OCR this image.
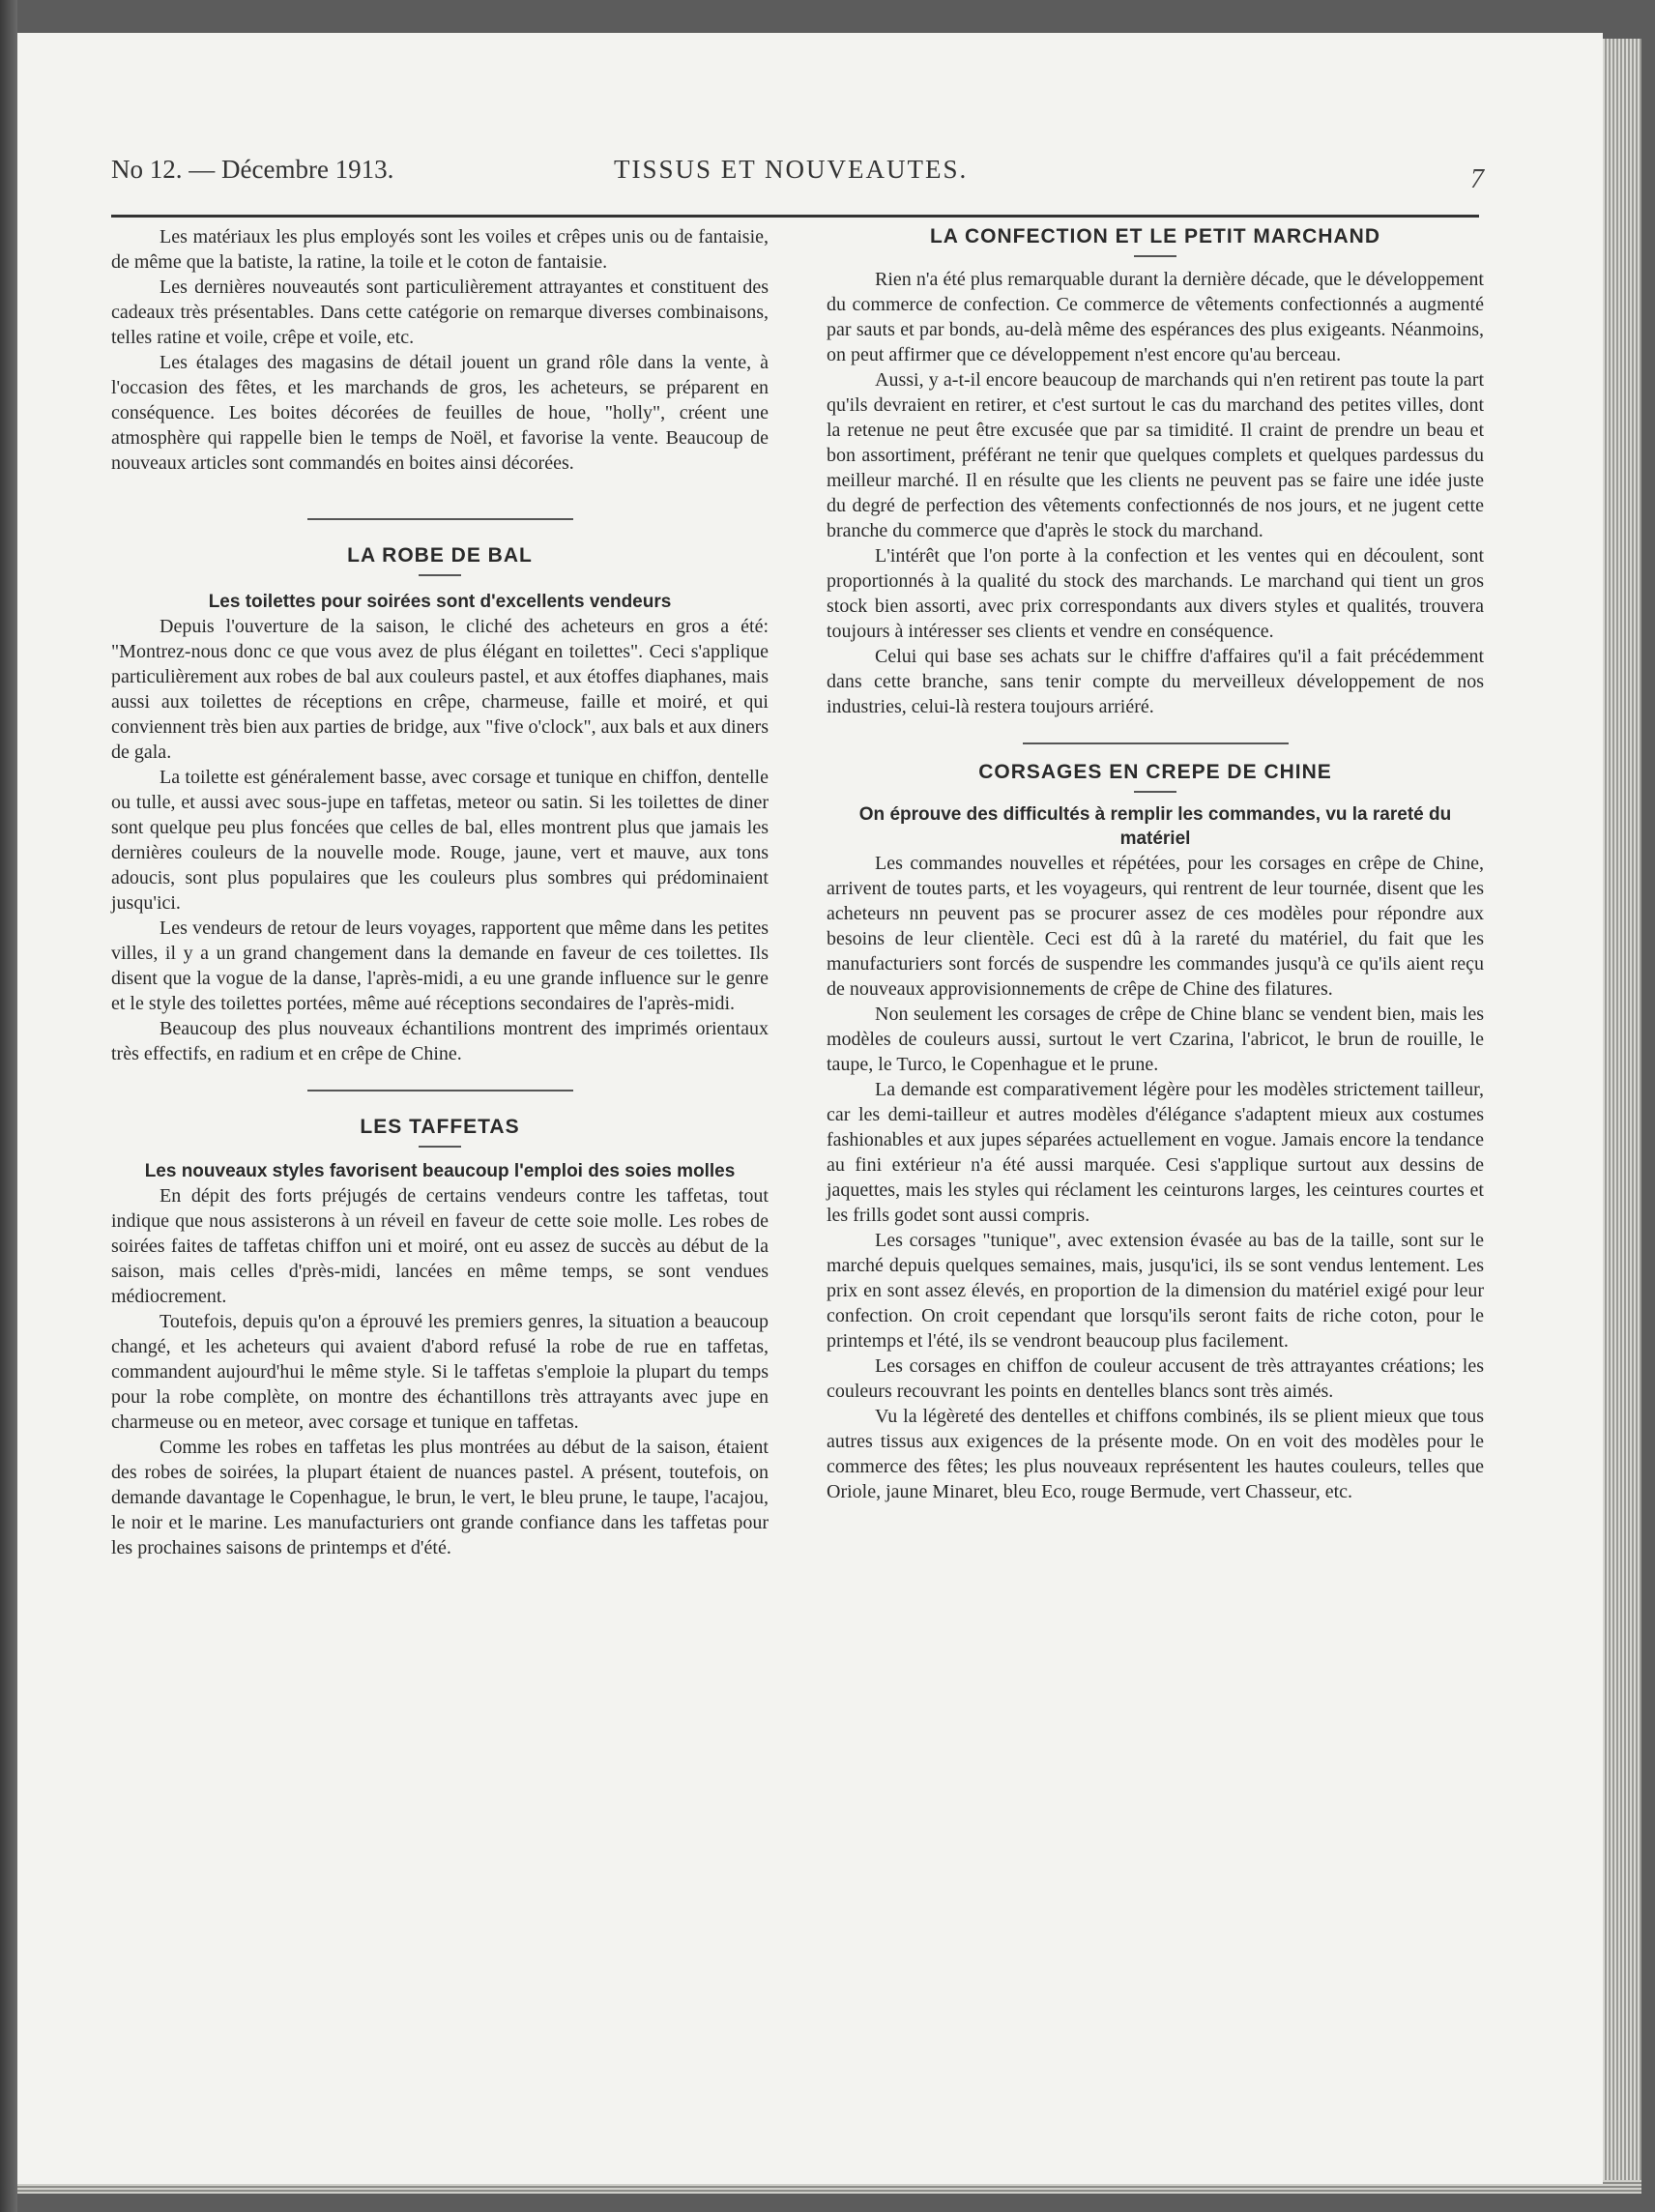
No 12. — Décembre 1913.	TISSUS ET NOUVEAUTES.	7

Les matériaux les plus employés sont les voiles et crêpes unis ou de fantaisie, de même que la batiste, la ratine, la toile et le coton de fantaisie.

Les dernières nouveautés sont particulièrement attrayantes et constituent des cadeaux très présentables. Dans cette catégorie on remarque diverses combinaisons, telles ratine et voile, crêpe et voile, etc.

Les étalages des magasins de détail jouent un grand rôle dans la vente, à l'occasion des fêtes, et les marchands de gros, les acheteurs, se préparent en conséquence. Les boites décorées de feuilles de houe, "holly", créent une atmosphère qui rappelle bien le temps de Noël, et favorise la vente. Beaucoup de nouveaux articles sont commandés en boites ainsi décorées.

LA ROBE DE BAL
Les toilettes pour soirées sont d'excellents vendeurs

Depuis l'ouverture de la saison, le cliché des acheteurs en gros a été: "Montrez-nous donc ce que vous avez de plus élégant en toilettes". Ceci s'applique particulièrement aux robes de bal aux couleurs pastel, et aux étoffes diaphanes, mais aussi aux toilettes de réceptions en crêpe, charmeuse, faille et moiré, et qui conviennent très bien aux parties de bridge, aux "five o'clock", aux bals et aux diners de gala.

La toilette est généralement basse, avec corsage et tunique en chiffon, dentelle ou tulle, et aussi avec sous-jupe en taffetas, meteor ou satin. Si les toilettes de diner sont quelque peu plus foncées que celles de bal, elles montrent plus que jamais les dernières couleurs de la nouvelle mode. Rouge, jaune, vert et mauve, aux tons adoucis, sont plus populaires que les couleurs plus sombres qui prédominaient jusqu'ici.

Les vendeurs de retour de leurs voyages, rapportent que même dans les petites villes, il y a un grand changement dans la demande en faveur de ces toilettes. Ils disent que la vogue de la danse, l'après-midi, a eu une grande influence sur le genre et le style des toilettes portées, même aué réceptions secondaires de l'après-midi.

Beaucoup des plus nouveaux échantilions montrent des imprimés orientaux très effectifs, en radium et en crêpe de Chine.

LES TAFFETAS
Les nouveaux styles favorisent beaucoup l'emploi des soies molles

En dépit des forts préjugés de certains vendeurs contre les taffetas, tout indique que nous assisterons à un réveil en faveur de cette soie molle. Les robes de soirées faites de taffetas chiffon uni et moiré, ont eu assez de succès au début de la saison, mais celles d'près-midi, lancées en même temps, se sont vendues médiocrement.

Toutefois, depuis qu'on a éprouvé les premiers genres, la situation a beaucoup changé, et les acheteurs qui avaient d'abord refusé la robe de rue en taffetas, commandent aujourd'hui le même style. Si le taffetas s'emploie la plupart du temps pour la robe complète, on montre des échantillons très attrayants avec jupe en charmeuse ou en meteor, avec corsage et tunique en taffetas.

Comme les robes en taffetas les plus montrées au début de la saison, étaient des robes de soirées, la plupart étaient de nuances pastel. A présent, toutefois, on demande davantage le Copenhague, le brun, le vert, le bleu prune, le taupe, l'acajou, le noir et le marine. Les manufacturiers ont grande confiance dans les taffetas pour les prochaines saisons de printemps et d'été.

LA CONFECTION ET LE PETIT MARCHAND

Rien n'a été plus remarquable durant la dernière décade, que le développement du commerce de confection. Ce commerce de vêtements confectionnés a augmenté par sauts et par bonds, au-delà même des espérances des plus exigeants. Néanmoins, on peut affirmer que ce développement n'est encore qu'au berceau.

Aussi, y a-t-il encore beaucoup de marchands qui n'en retirent pas toute la part qu'ils devraient en retirer, et c'est surtout le cas du marchand des petites villes, dont la retenue ne peut être excusée que par sa timidité. Il craint de prendre un beau et bon assortiment, préférant ne tenir que quelques complets et quelques pardessus du meilleur marché. Il en résulte que les clients ne peuvent pas se faire une idée juste du degré de perfection des vêtements confectionnés de nos jours, et ne jugent cette branche du commerce que d'après le stock du marchand.

L'intérêt que l'on porte à la confection et les ventes qui en découlent, sont proportionnés à la qualité du stock des marchands. Le marchand qui tient un gros stock bien assorti, avec prix correspondants aux divers styles et qualités, trouvera toujours à intéresser ses clients et vendre en conséquence.

Celui qui base ses achats sur le chiffre d'affaires qu'il a fait précédemment dans cette branche, sans tenir compte du merveilleux développement de nos industries, celui-là restera toujours arriéré.

CORSAGES EN CREPE DE CHINE
On éprouve des difficultés à remplir les commandes, vu la rareté du matériel

Les commandes nouvelles et répétées, pour les corsages en crêpe de Chine, arrivent de toutes parts, et les voyageurs, qui rentrent de leur tournée, disent que les acheteurs nn peuvent pas se procurer assez de ces modèles pour répondre aux besoins de leur clientèle. Ceci est dû à la rareté du matériel, du fait que les manufacturiers sont forcés de suspendre les commandes jusqu'à ce qu'ils aient reçu de nouveaux approvisionnements de crêpe de Chine des filatures.

Non seulement les corsages de crêpe de Chine blanc se vendent bien, mais les modèles de couleurs aussi, surtout le vert Czarina, l'abricot, le brun de rouille, le taupe, le Turco, le Copenhague et le prune.

La demande est comparativement légère pour les modèles strictement tailleur, car les demi-tailleur et autres modèles d'élégance s'adaptent mieux aux costumes fashionables et aux jupes séparées actuellement en vogue. Jamais encore la tendance au fini extérieur n'a été aussi marquée. Cesi s'applique surtout aux dessins de jaquettes, mais les styles qui réclament les ceinturons larges, les ceintures courtes et les frills godet sont aussi compris.

Les corsages "tunique", avec extension évasée au bas de la taille, sont sur le marché depuis quelques semaines, mais, jusqu'ici, ils se sont vendus lentement. Les prix en sont assez élevés, en proportion de la dimension du matériel exigé pour leur confection. On croit cependant que lorsqu'ils seront faits de riche coton, pour le printemps et l'été, ils se vendront beaucoup plus facilement.

Les corsages en chiffon de couleur accusent de très attrayantes créations; les couleurs recouvrant les points en dentelles blancs sont très aimés.

Vu la légèreté des dentelles et chiffons combinés, ils se plient mieux que tous autres tissus aux exigences de la présente mode. On en voit des modèles pour le commerce des fêtes; les plus nouveaux représentent les hautes couleurs, telles que Oriole, jaune Minaret, bleu Eco, rouge Bermude, vert Chasseur, etc.
